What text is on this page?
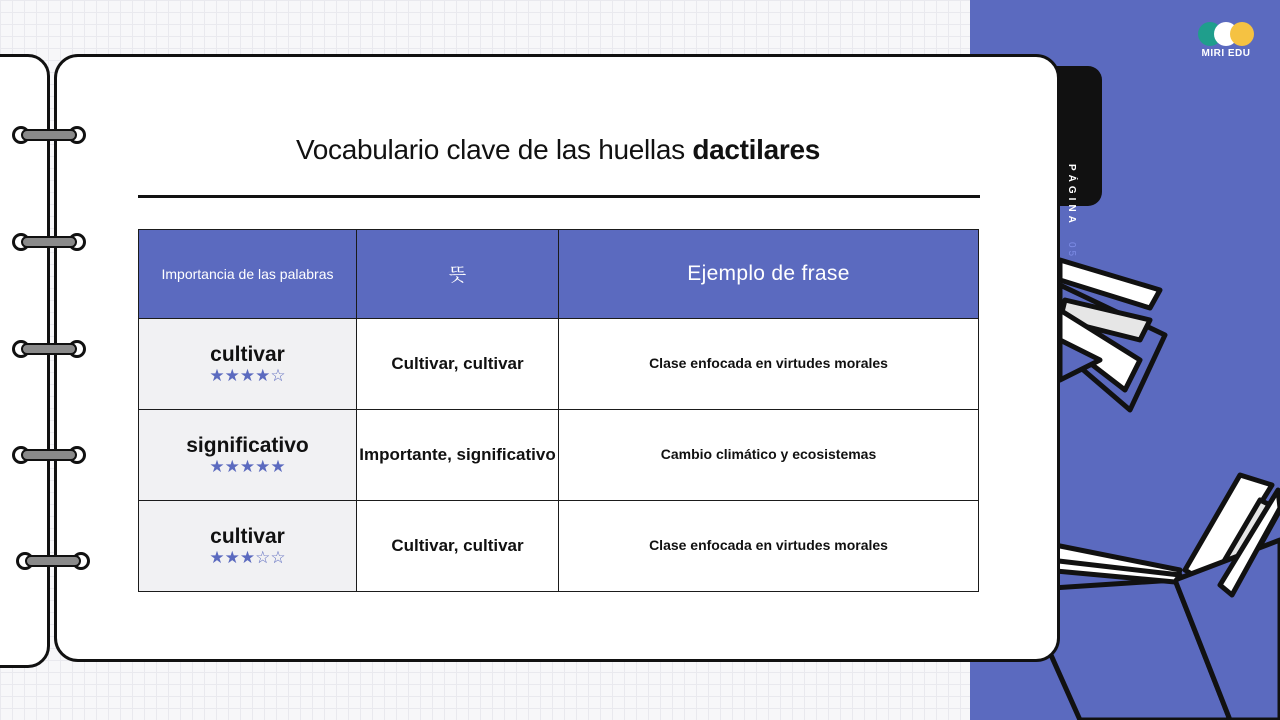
MIRI EDU
PÁGINA
05
Vocabulario clave de las huellas dactilares
Importancia de las palabras	뜻	Ejemplo de frase

cultivar
★★★★☆	Cultivar, cultivar	Clase enfocada en virtudes morales

significativo
★★★★★	Importante, significativo	Cambio climático y ecosistemas

cultivar
★★★☆☆	Cultivar, cultivar	Clase enfocada en virtudes morales
